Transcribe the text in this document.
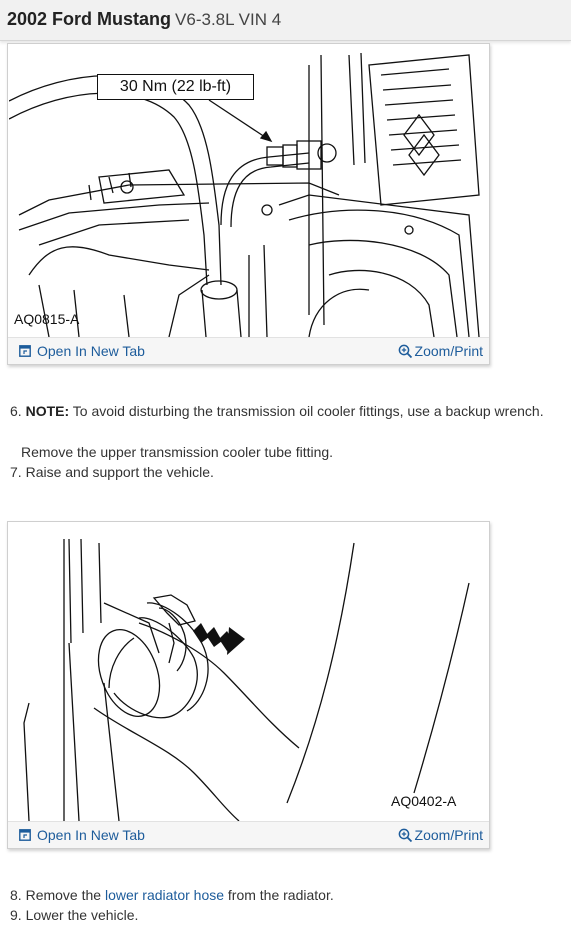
2002 Ford Mustang V6-3.8L VIN 4
30 Nm (22 lb-ft)
AQ0815-A
Open In New Tab	Zoom/Print
6. NOTE: To avoid disturbing the transmission oil cooler fittings, use a backup wrench.
Remove the upper transmission cooler tube fitting.
7. Raise and support the vehicle.
AQ0402-A
Open In New Tab	Zoom/Print
8. Remove the lower radiator hose from the radiator.
9. Lower the vehicle.
